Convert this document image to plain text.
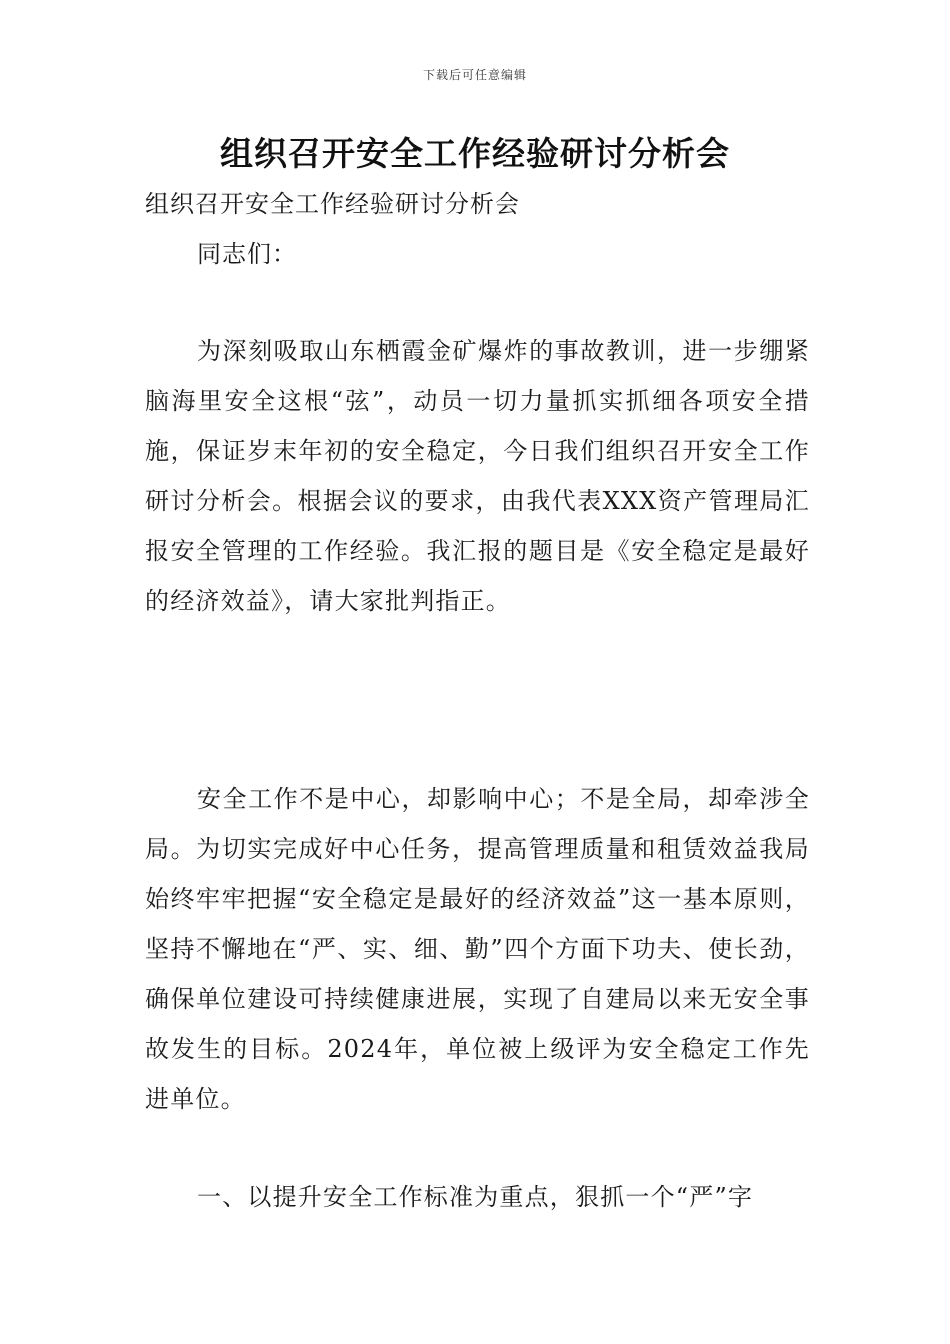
下载后可任意编辑
组织召开安全工作经验研讨分析会
组织召开安全工作经验研讨分析会
同志们：

为深刻吸取山东栖霞金矿爆炸的事故教训，进一步绷紧脑海里安全这根“弦”，动员一切力量抓实抓细各项安全措施，保证岁末年初的安全稳定，今日我们组织召开安全工作研讨分析会。根据会议的要求，由我代表XXX资产管理局汇报安全管理的工作经验。我汇报的题目是《安全稳定是最好的经济效益》，请大家批判指正。

安全工作不是中心，却影响中心；不是全局，却牵涉全局。为切实完成好中心任务，提高管理质量和租赁效益我局始终牢牢把握“安全稳定是最好的经济效益”这一基本原则，坚持不懈地在“严、实、细、勤”四个方面下功夫、使长劲，确保单位建设可持续健康进展，实现了自建局以来无安全事故发生的目标。2024年，单位被上级评为安全稳定工作先进单位。

一、以提升安全工作标准为重点，狠抓一个“严”字
